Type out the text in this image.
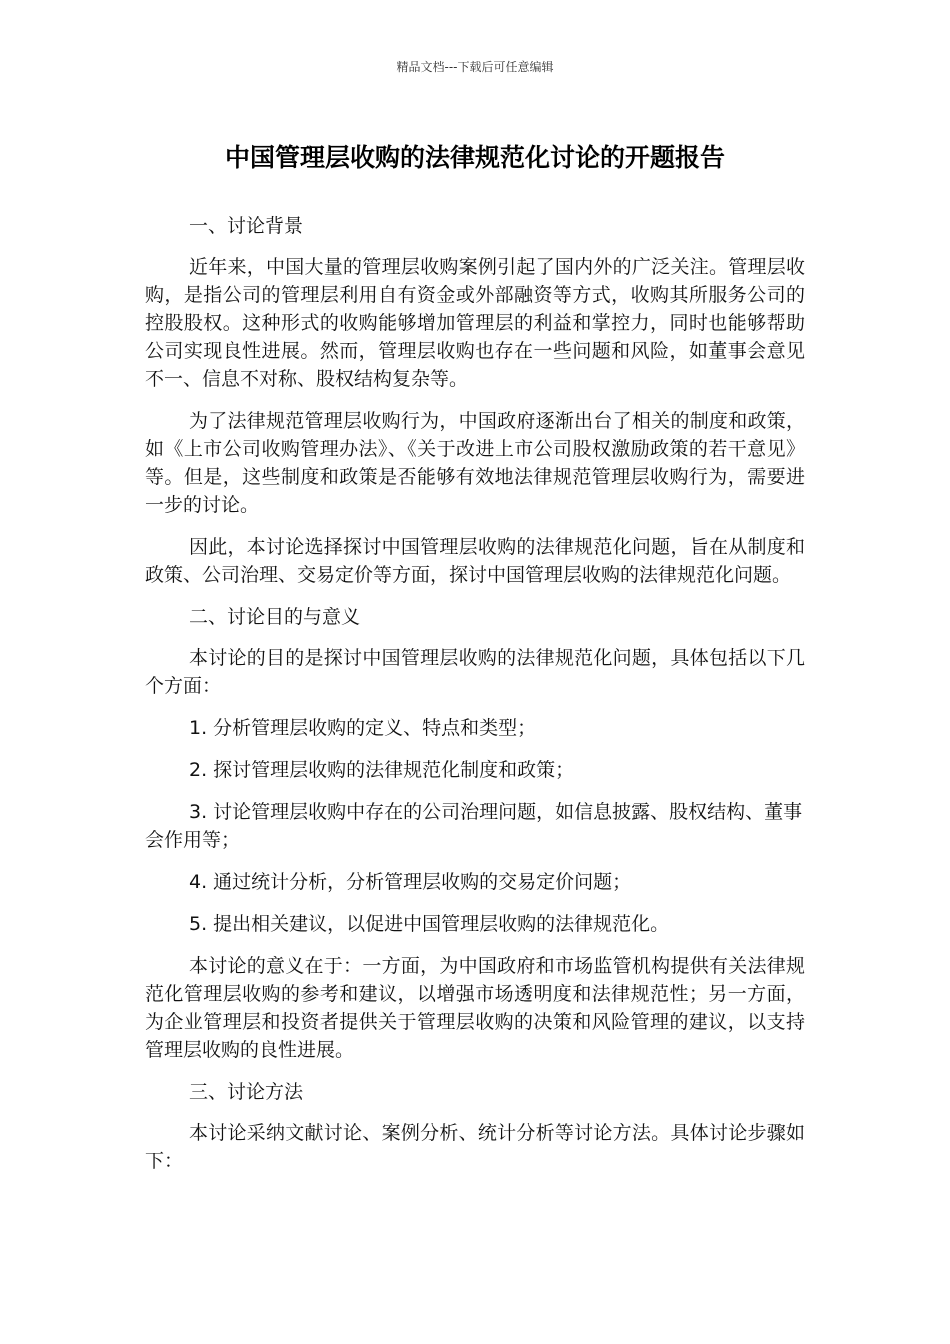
精品文档---下载后可任意编辑
中国管理层收购的法律规范化讨论的开题报告
一、讨论背景

近年来，中国大量的管理层收购案例引起了国内外的广泛关注。管理层收购，是指公司的管理层利用自有资金或外部融资等方式，收购其所服务公司的控股股权。这种形式的收购能够增加管理层的利益和掌控力，同时也能够帮助公司实现良性进展。然而，管理层收购也存在一些问题和风险，如董事会意见不一、信息不对称、股权结构复杂等。

为了法律规范管理层收购行为，中国政府逐渐出台了相关的制度和政策，如《上市公司收购管理办法》、《关于改进上市公司股权激励政策的若干意见》等。但是，这些制度和政策是否能够有效地法律规范管理层收购行为，需要进一步的讨论。

因此，本讨论选择探讨中国管理层收购的法律规范化问题，旨在从制度和政策、公司治理、交易定价等方面，探讨中国管理层收购的法律规范化问题。

二、讨论目的与意义

本讨论的目的是探讨中国管理层收购的法律规范化问题，具体包括以下几个方面：

1. 分析管理层收购的定义、特点和类型；

2. 探讨管理层收购的法律规范化制度和政策；

3. 讨论管理层收购中存在的公司治理问题，如信息披露、股权结构、董事会作用等；

4. 通过统计分析，分析管理层收购的交易定价问题；

5. 提出相关建议，以促进中国管理层收购的法律规范化。

本讨论的意义在于：一方面，为中国政府和市场监管机构提供有关法律规范化管理层收购的参考和建议，以增强市场透明度和法律规范性；另一方面，为企业管理层和投资者提供关于管理层收购的决策和风险管理的建议，以支持管理层收购的良性进展。

三、讨论方法

本讨论采纳文献讨论、案例分析、统计分析等讨论方法。具体讨论步骤如下：
